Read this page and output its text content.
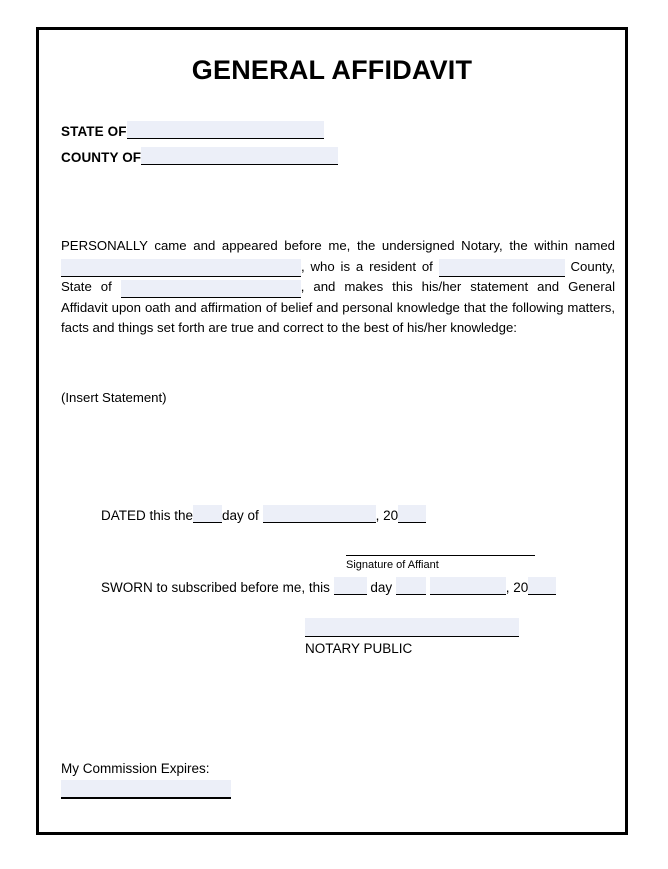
GENERAL AFFIDAVIT
STATE OF
COUNTY OF
PERSONALLY came and appeared before me, the undersigned Notary, the within named, who is a resident of	County, State of	, and makes this his/her statement and General Affidavit upon oath and affirmation of belief and personal knowledge that the following matters, facts and things set forth are true and correct to the best of his/her knowledge:
(Insert Statement)
DATED this the day of	, 20
Signature of Affiant
SWORN to subscribed before me, this	day	, 20
NOTARY PUBLIC
My Commission Expires:
